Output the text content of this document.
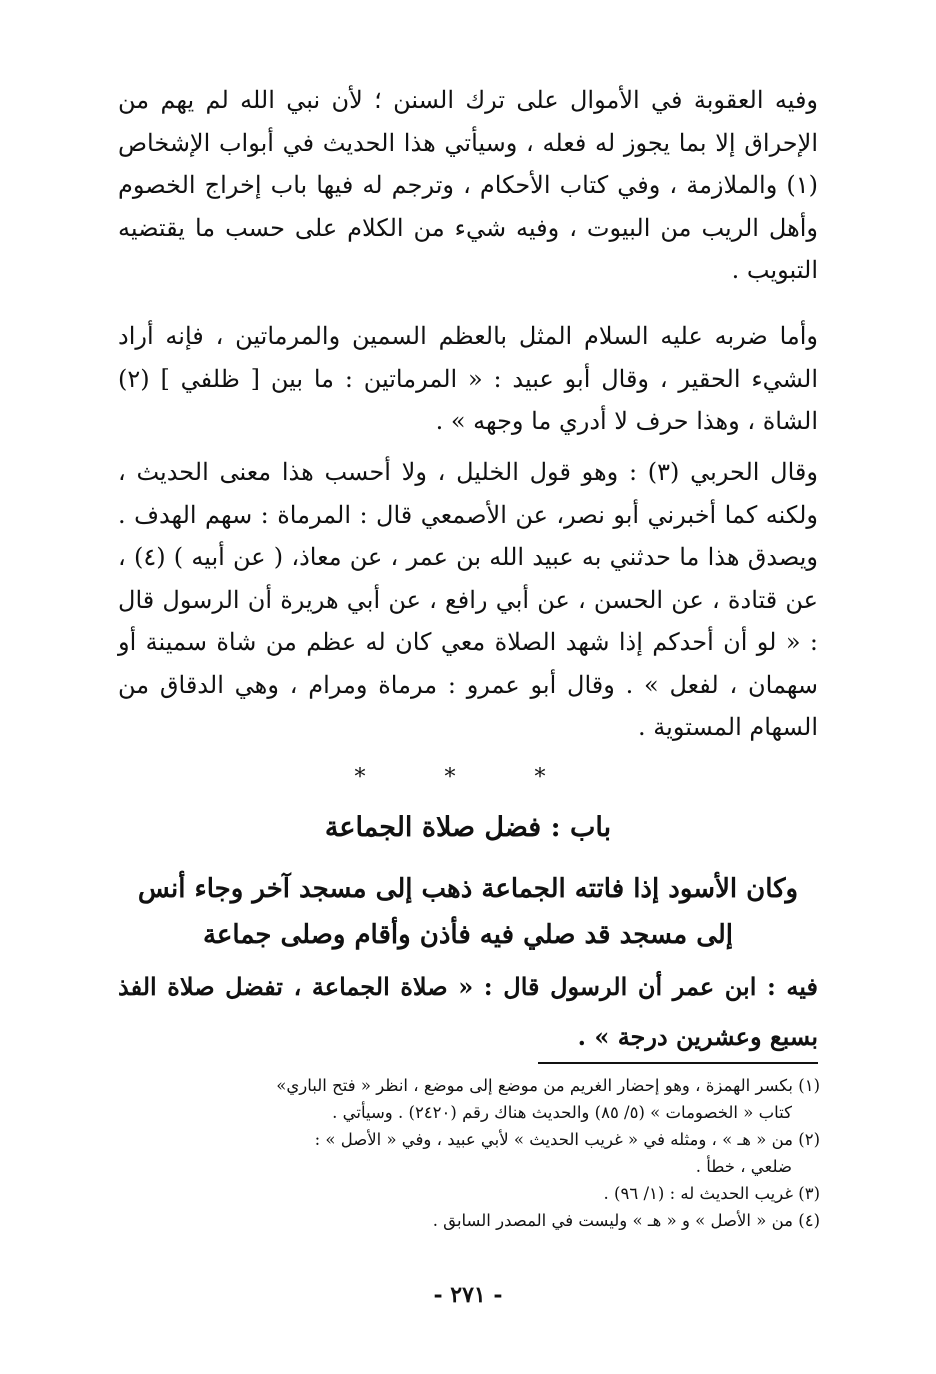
وفيه العقوبة في الأموال على ترك السنن ؛ لأن نبي الله لم يهم من الإحراق إلا بما يجوز له فعله ، وسيأتي هذا الحديث في أبواب الإشخاص (١) والملازمة ، وفي كتاب الأحكام ، وترجم له فيها باب إخراج الخصوم وأهل الريب من البيوت ، وفيه شيء من الكلام على حسب ما يقتضيه التبويب .

وأما ضربه عليه السلام المثل بالعظم السمين والمرماتين ، فإنه أراد الشيء الحقير ، وقال أبو عبيد : « المرماتين : ما بين [ ظلفي ] (٢) الشاة ، وهذا حرف لا أدري ما وجهه » .

وقال الحربي (٣) : وهو قول الخليل ، ولا أحسب هذا معنى الحديث ، ولكنه كما أخبرني أبو نصر، عن الأصمعي قال : المرماة : سهم الهدف . ويصدق هذا ما حدثني به عبيد الله بن عمر ، عن معاذ، ( عن أبيه ) (٤) ، عن قتادة ، عن الحسن ، عن أبي رافع ، عن أبي هريرة أن الرسول قال : « لو أن أحدكم إذا شهد الصلاة معي كان له عظم من شاة سمينة أو سهمان ، لفعل » . وقال أبو عمرو : مرماة ومرام ، وهي الدقاق من السهام المستوية .

* * *
باب : فضل صلاة الجماعة
وكان الأسود إذا فاتته الجماعة ذهب إلى مسجد آخر وجاء أنس إلى مسجد قد صلي فيه فأذن وأقام وصلى جماعة
فيه : ابن عمر أن الرسول قال : « صلاة الجماعة ، تفضل صلاة الفذ بسبع وعشرين درجة » .

(١) بكسر الهمزة ، وهو إحضار الغريم من موضع إلى موضع ، انظر « فتح الباري»
كتاب « الخصومات » (٥/ ٨٥) والحديث هناك رقم (٢٤٢٠) . وسيأتي .

(٢) من « هـ » ، ومثله في « غريب الحديث » لأبي عبيد ، وفي « الأصل » :
ضلعي ، خطأ .

(٣) غريب الحديث له : (١/ ٩٦) .

(٤) من « الأصل » و « هـ » وليست في المصدر السابق .

- ٢٧١ -
